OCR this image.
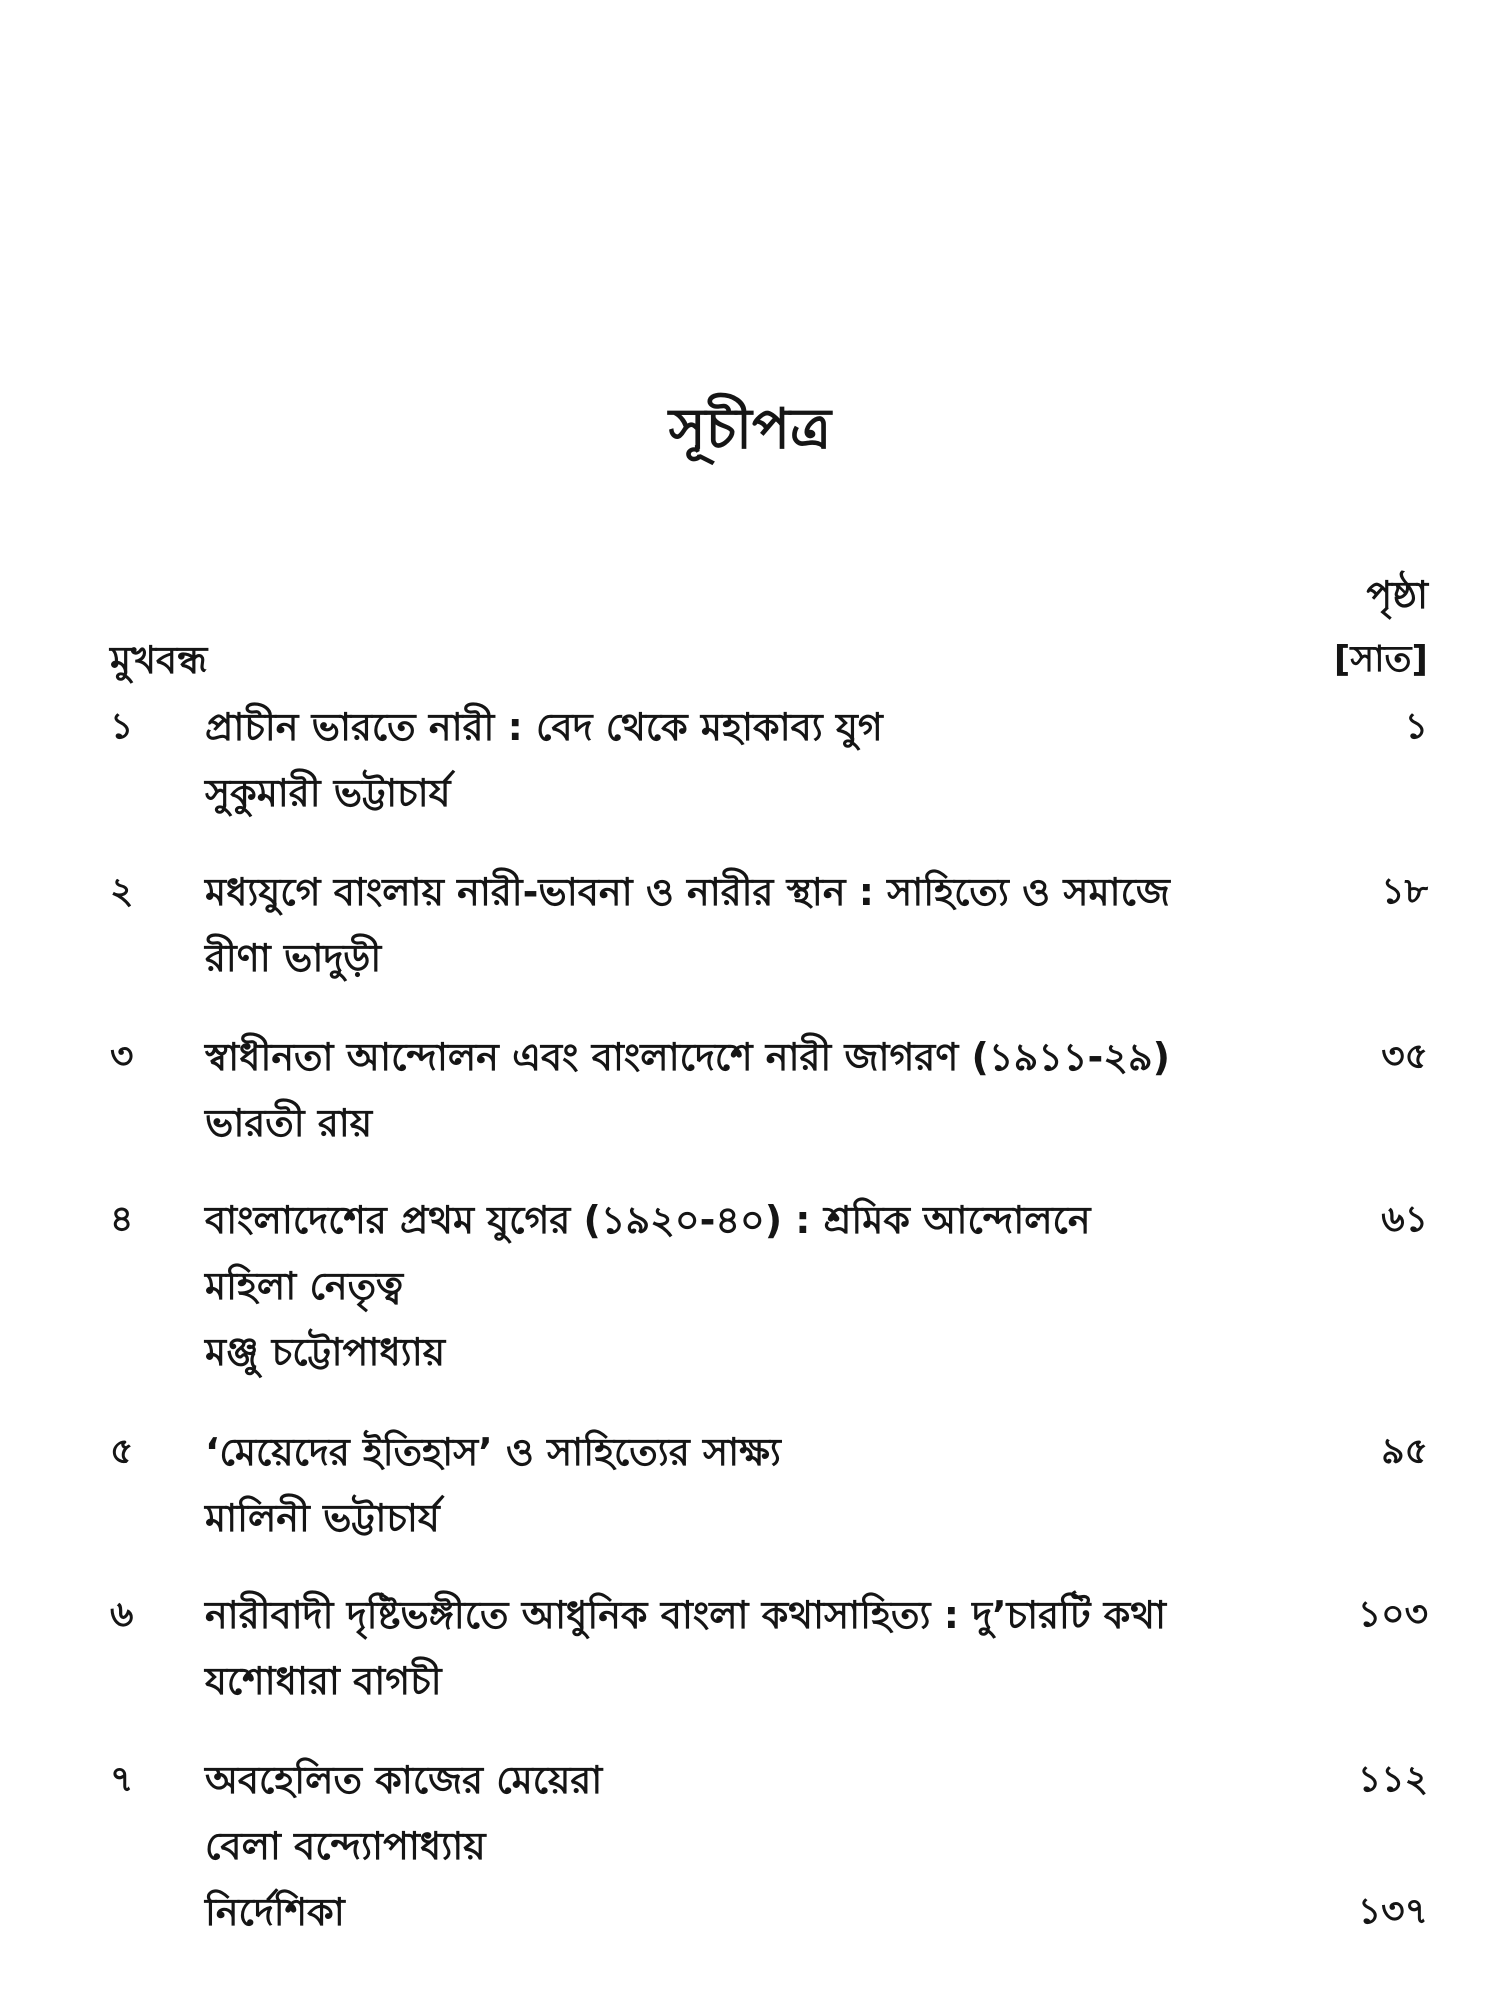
সূচীপত্র
পৃষ্ঠা
মুখবন্ধ	[সাত]
১ প্রাচীন ভারতে নারী : বেদ থেকে মহাকাব্য যুগ
সুকুমারী ভট্টাচার্য
১
২ মধ্যযুগে বাংলায় নারী-ভাবনা ও নারীর স্থান : সাহিত্যে ও সমাজে
রীণা ভাদুড়ী
১৮
৩ স্বাধীনতা আন্দোলন এবং বাংলাদেশে নারী জাগরণ (১৯১১-২৯)
ভারতী রায়
৩৫
৪ বাংলাদেশের প্রথম যুগের (১৯২০-৪০) : শ্রমিক আন্দোলনে
মহিলা নেতৃত্ব
মঞ্জু চট্টোপাধ্যায়
৬১
৫ ‘মেয়েদের ইতিহাস’ ও সাহিত্যের সাক্ষ্য
মালিনী ভট্টাচার্য
৯৫
৬ নারীবাদী দৃষ্টিভঙ্গীতে আধুনিক বাংলা কথাসাহিত্য : দু’চারটি কথা
যশোধারা বাগচী
১০৩
৭ অবহেলিত কাজের মেয়েরা
বেলা বন্দ্যোপাধ্যায়
১১২
নির্দেশিকা	১৩৭
